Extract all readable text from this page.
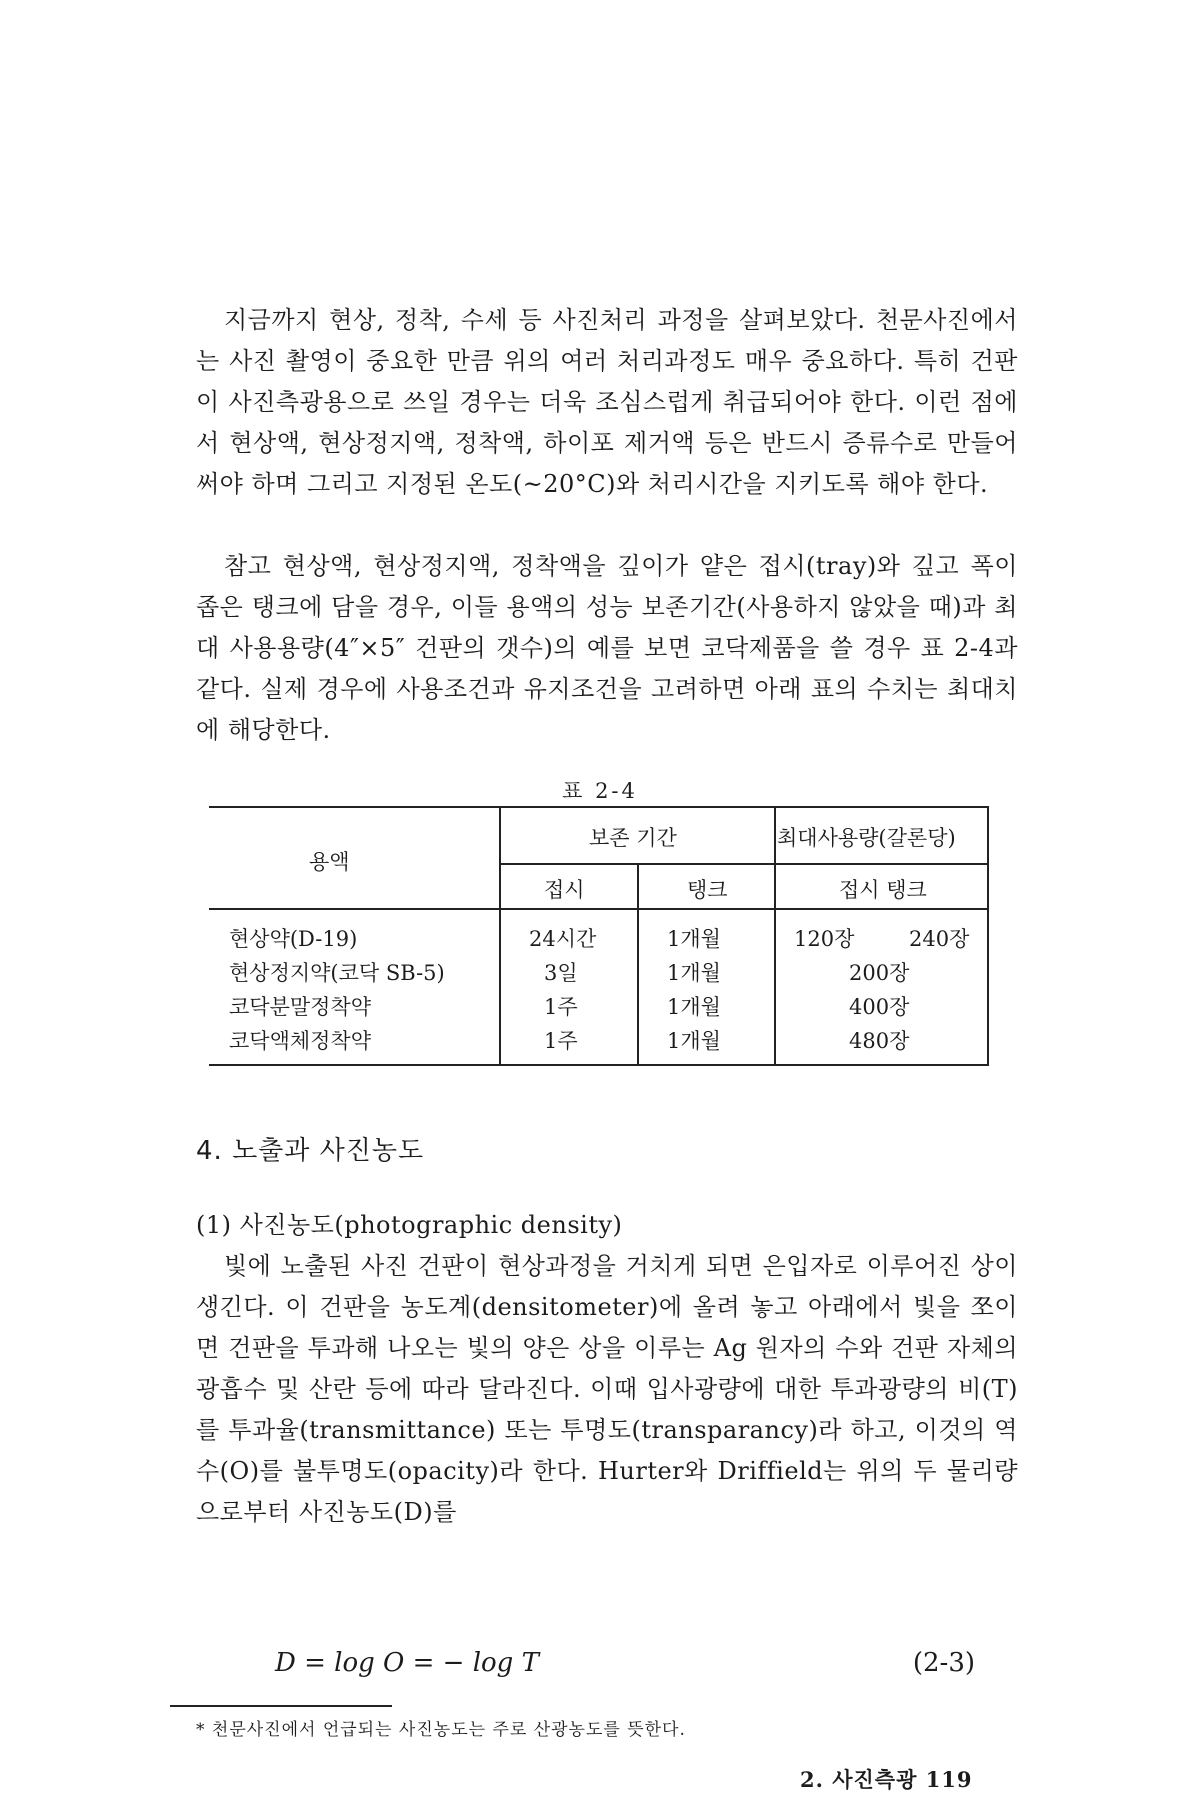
지금까지 현상, 정착, 수세 등 사진처리 과정을 살펴보았다. 천문사진에서는 사진 촬영이 중요한 만큼 위의 여러 처리과정도 매우 중요하다. 특히 건판이 사진측광용으로 쓰일 경우는 더욱 조심스럽게 취급되어야 한다. 이런 점에서 현상액, 현상정지액, 정착액, 하이포 제거액 등은 반드시 증류수로 만들어 써야 하며 그리고 지정된 온도(~20°C)와 처리시간을 지키도록 해야 한다.
참고 현상액, 현상정지액, 정착액을 깊이가 얕은 접시(tray)와 깊고 폭이 좁은 탱크에 담을 경우, 이들 용액의 성능 보존기간(사용하지 않았을 때)과 최대 사용용량(4″×5″ 건판의 갯수)의 예를 보면 코닥제품을 쓸 경우 표 2-4과 같다. 실제 경우에 사용조건과 유지조건을 고려하면 아래 표의 수치는 최대치에 해당한다.
표 2-4
용액
보존 기간	최대사용량(갈론당)
접시	탱크	접시 탱크
현상약(D-19)	24시간	1개월	120장	240장
현상정지약(코닥 SB-5)	3일	1개월	200장
코닥분말정착약	1주	1개월	400장
코닥액체정착약	1주	1개월	480장
4. 노출과 사진농도
(1) 사진농도(photographic density)
빛에 노출된 사진 건판이 현상과정을 거치게 되면 은입자로 이루어진 상이 생긴다. 이 건판을 농도계(densitometer)에 올려 놓고 아래에서 빛을 쪼이면 건판을 투과해 나오는 빛의 양은 상을 이루는 Ag 원자의 수와 건판 자체의 광흡수 및 산란 등에 따라 달라진다. 이때 입사광량에 대한 투과광량의 비(T)를 투과율(transmittance) 또는 투명도(transparancy)라 하고, 이것의 역수(O)를 불투명도(opacity)라 한다. Hurter와 Driffield는 위의 두 물리량으로부터 사진농도(D)를
D = log O = − log T	(2-3)
* 천문사진에서 언급되는 사진농도는 주로 산광농도를 뜻한다.
2. 사진측광 119
